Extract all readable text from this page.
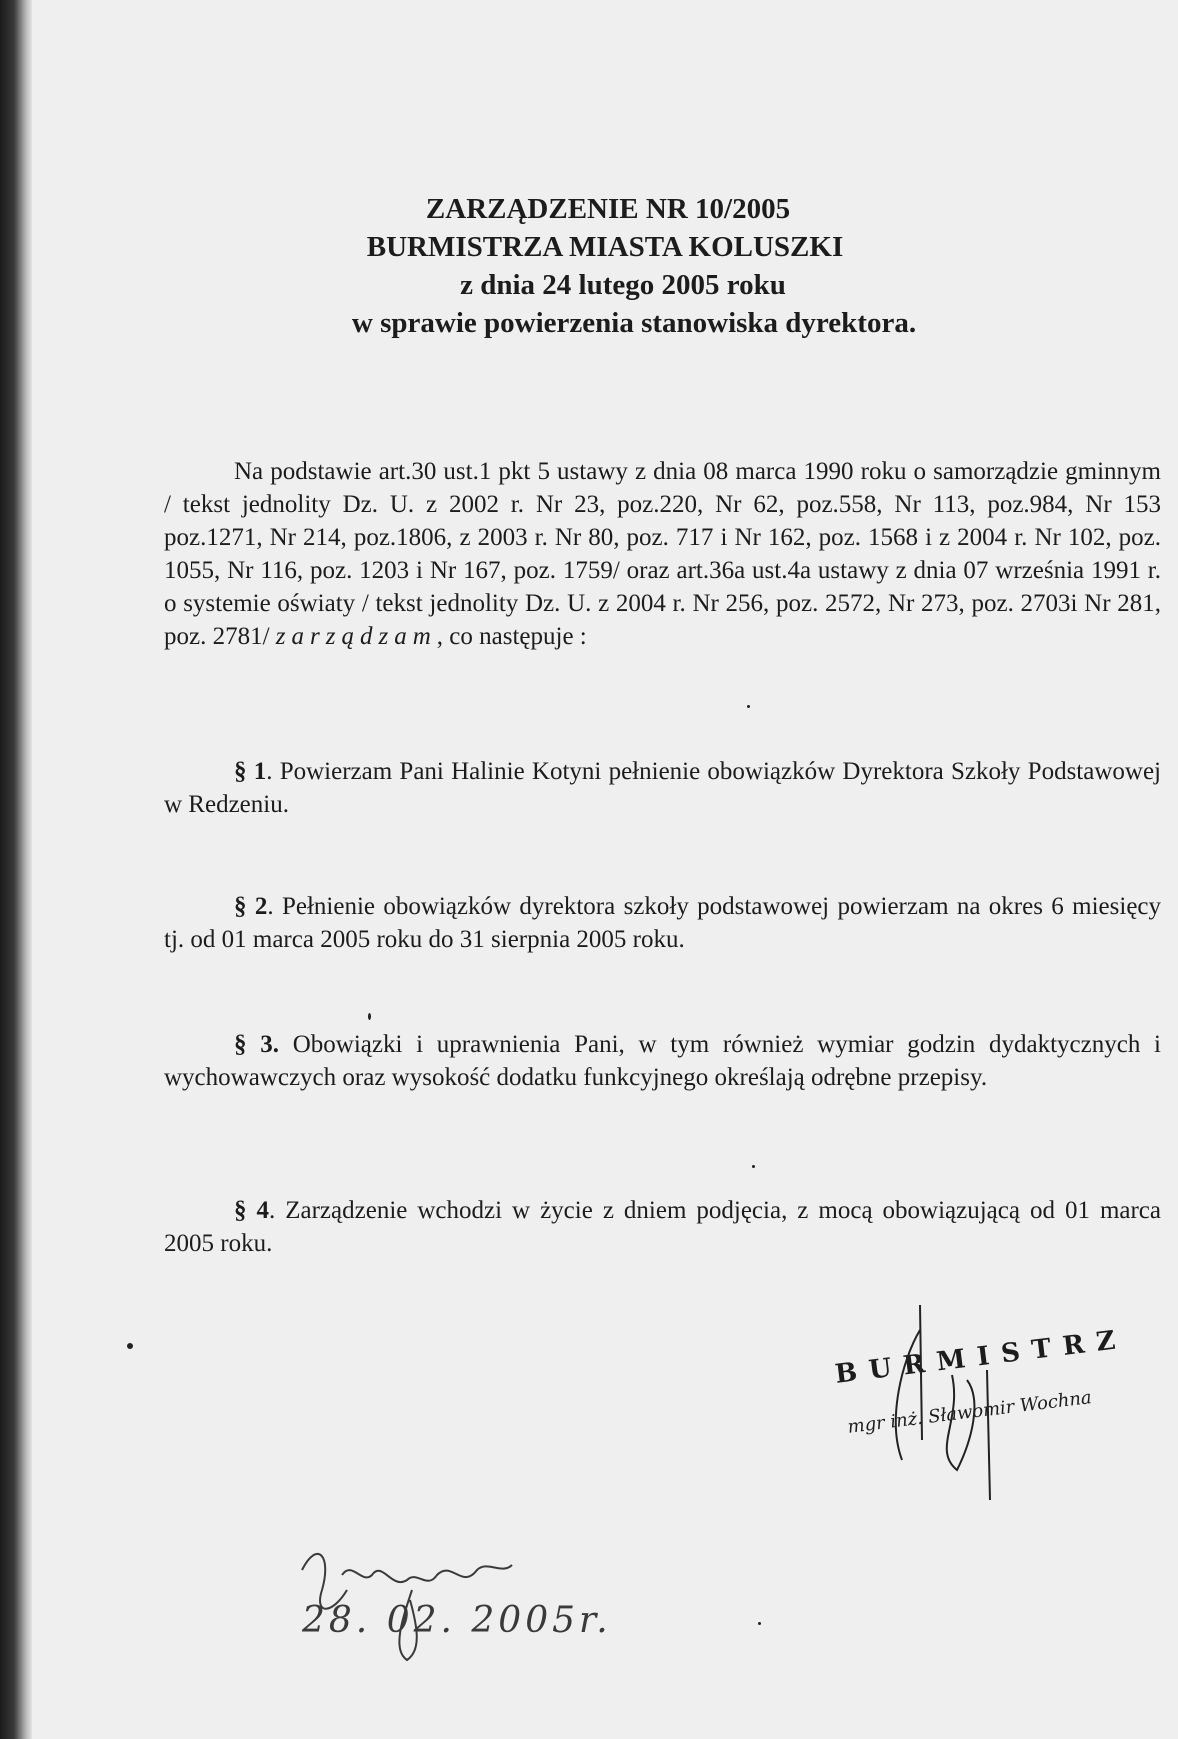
ZARZĄDZENIE NR 10/2005
BURMISTRZA MIASTA KOLUSZKI
z dnia 24 lutego 2005 roku
w sprawie powierzenia stanowiska dyrektora.
Na podstawie art.30 ust.1 pkt 5 ustawy z dnia 08 marca 1990 roku o samorządzie gminnym / tekst jednolity Dz. U. z 2002 r. Nr 23, poz.220, Nr 62, poz.558, Nr 113, poz.984, Nr 153 poz.1271, Nr 214, poz.1806, z 2003 r. Nr 80, poz. 717 i Nr 162, poz. 1568 i z 2004 r. Nr 102, poz. 1055, Nr 116, poz. 1203 i Nr 167, poz. 1759/ oraz art.36a ust.4a ustawy z dnia 07 września 1991 r. o systemie oświaty / tekst jednolity Dz. U. z 2004 r. Nr 256, poz. 2572, Nr 273, poz. 2703i Nr 281, poz. 2781/ zarządzam, co następuje :
§ 1. Powierzam Pani Halinie Kotyni pełnienie obowiązków Dyrektora Szkoły Podstawowej w Redzeniu.
§ 2. Pełnienie obowiązków dyrektora szkoły podstawowej powierzam na okres 6 miesięcy tj. od 01 marca 2005 roku do 31 sierpnia 2005 roku.
§ 3. Obowiązki i uprawnienia Pani, w tym również wymiar godzin dydaktycznych i wychowawczych oraz wysokość dodatku funkcyjnego określają odrębne przepisy.
§ 4. Zarządzenie wchodzi w życie z dniem podjęcia, z mocą obowiązującą od 01 marca 2005 roku.
BURMISTRZ
mgr inż. Sławomir Wochna
28. 02. 2005r.
